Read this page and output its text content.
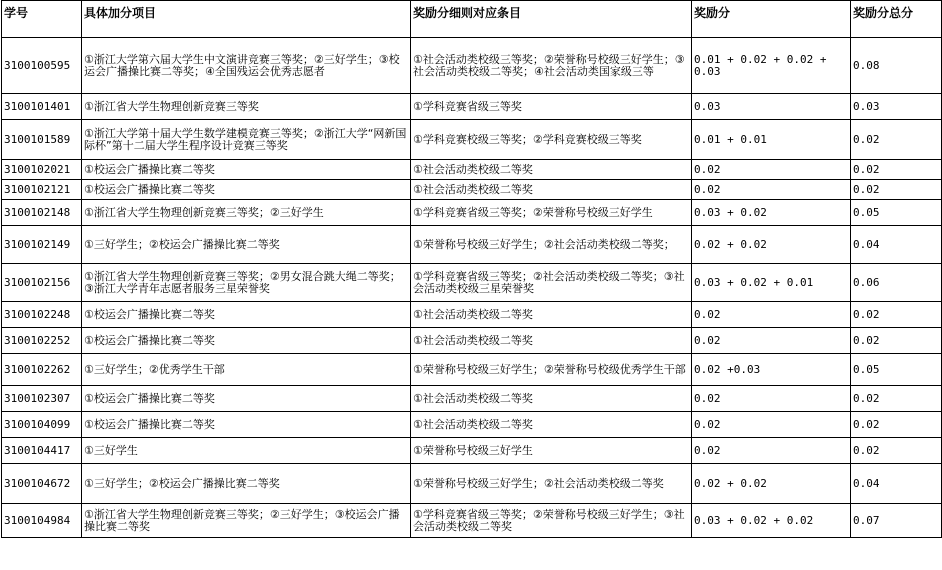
学号	具体加分项目	奖励分细则对应条目	奖励分	奖励分总分
3100100595	①浙江大学第六届大学生中文演讲竞赛三等奖；②三好学生；③校运会广播操比赛二等奖；④全国残运会优秀志愿者	①社会活动类校级三等奖；②荣誉称号校级三好学生；③社会活动类校级二等奖；④社会活动类国家级三等	0.01 + 0.02 + 0.02 + 0.03	0.08
3100101401	①浙江省大学生物理创新竞赛三等奖	①学科竞赛省级三等奖	0.03	0.03
3100101589	①浙江大学第十届大学生数学建模竞赛三等奖；②浙江大学“网新国际杯”第十二届大学生程序设计竞赛三等奖	①学科竞赛校级三等奖；②学科竞赛校级三等奖	0.01 + 0.01	0.02
3100102021	①校运会广播操比赛二等奖	①社会活动类校级二等奖	0.02	0.02
3100102121	①校运会广播操比赛二等奖	①社会活动类校级二等奖	0.02	0.02
3100102148	①浙江省大学生物理创新竞赛三等奖；②三好学生	①学科竞赛省级三等奖；②荣誉称号校级三好学生	0.03 + 0.02	0.05
3100102149	①三好学生；②校运会广播操比赛二等奖	①荣誉称号校级三好学生；②社会活动类校级二等奖；	0.02 + 0.02	0.04
3100102156	①浙江省大学生物理创新竞赛三等奖；②男女混合跳大绳二等奖；③浙江大学青年志愿者服务三星荣誉奖	①学科竞赛省级三等奖；②社会活动类校级二等奖；③社会活动类校级三星荣誉奖	0.03 + 0.02 + 0.01	0.06
3100102248	①校运会广播操比赛二等奖	①社会活动类校级二等奖	0.02	0.02
3100102252	①校运会广播操比赛二等奖	①社会活动类校级二等奖	0.02	0.02
3100102262	①三好学生；②优秀学生干部	①荣誉称号校级三好学生；②荣誉称号校级优秀学生干部	0.02 +0.03	0.05
3100102307	①校运会广播操比赛二等奖	①社会活动类校级二等奖	0.02	0.02
3100104099	①校运会广播操比赛二等奖	①社会活动类校级二等奖	0.02	0.02
3100104417	①三好学生	①荣誉称号校级三好学生	0.02	0.02
3100104672	①三好学生；②校运会广播操比赛二等奖	①荣誉称号校级三好学生；②社会活动类校级二等奖	0.02 + 0.02	0.04
3100104984	①浙江省大学生物理创新竞赛三等奖；②三好学生；③校运会广播操比赛二等奖	①学科竞赛省级三等奖；②荣誉称号校级三好学生；③社会活动类校级二等奖	0.03 + 0.02 + 0.02	0.07
